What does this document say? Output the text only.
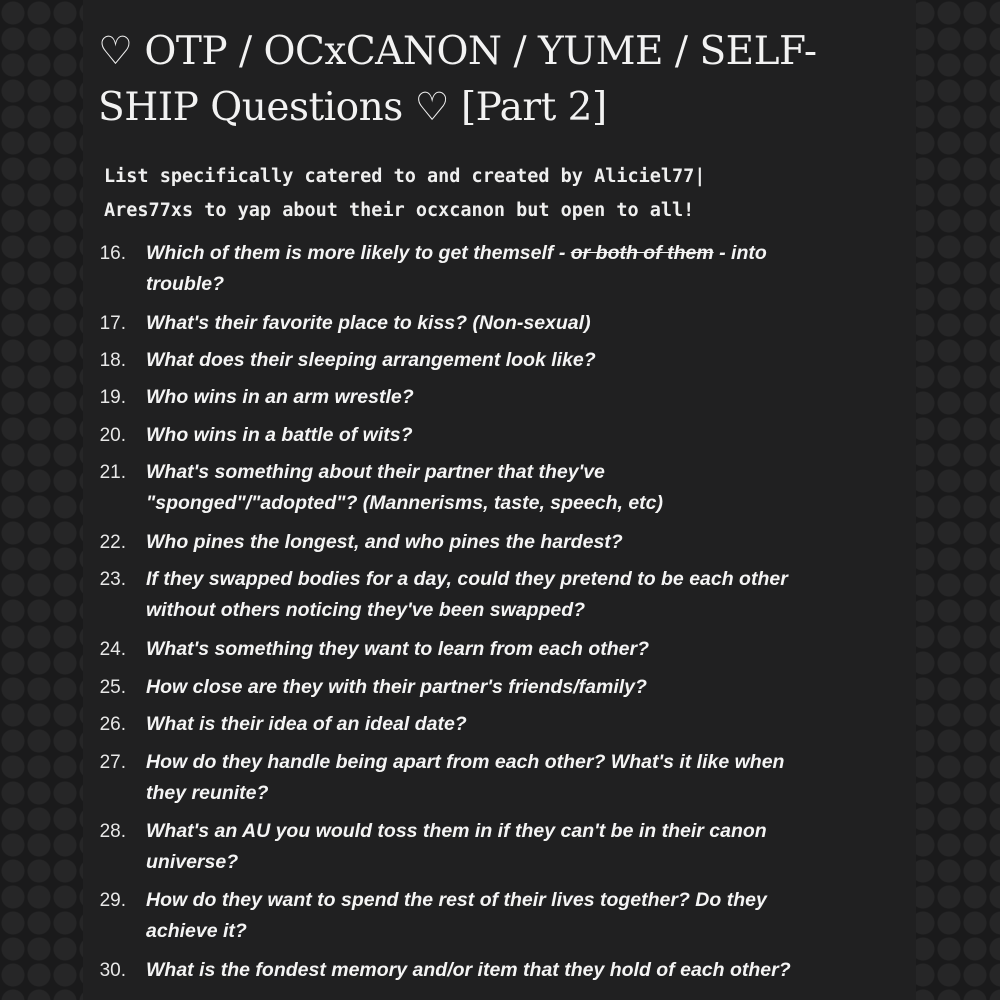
♡ OTP / OCxCANON / YUME / SELF-SHIP Questions ♡ [Part 2]

List specifically catered to and created by Aliciel77|
Ares77xs to yap about their ocxcanon but open to all!

16. Which of them is more likely to get themself - or both of them - into
trouble?
17. What's their favorite place to kiss? (Non-sexual)
18. What does their sleeping arrangement look like?
19. Who wins in an arm wrestle?
20. Who wins in a battle of wits?
21. What's something about their partner that they've
"sponged"/"adopted"? (Mannerisms, taste, speech, etc)
22. Who pines the longest, and who pines the hardest?
23. If they swapped bodies for a day, could they pretend to be each other
without others noticing they've been swapped?
24. What's something they want to learn from each other?
25. How close are they with their partner's friends/family?
26. What is their idea of an ideal date?
27. How do they handle being apart from each other? What's it like when
they reunite?
28. What's an AU you would toss them in if they can't be in their canon
universe?
29. How do they want to spend the rest of their lives together? Do they
achieve it?
30. What is the fondest memory and/or item that they hold of each other?
